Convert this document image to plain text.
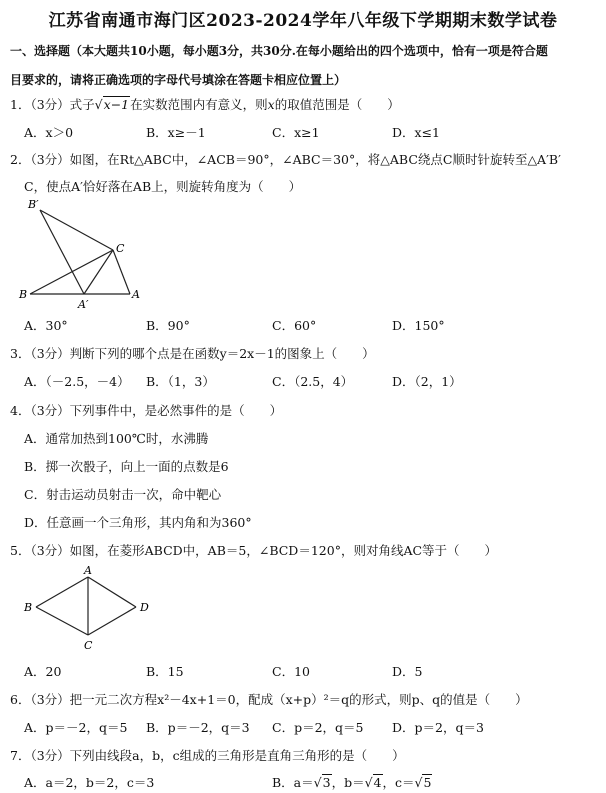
江苏省南通市海门区2023-2024学年八年级下学期期末数学试卷
一、选择题（本大题共10小题，每小题3分，共30分.在每小题给出的四个选项中，恰有一项是符合题
目要求的，请将正确选项的字母代号填涂在答题卡相应位置上）
1．（3分）式子√x−1在实数范围内有意义，则x的取值范围是（　　）
A．x＞0	B．x≥－1	C．x≥1	D．x≤1
2．（3分）如图，在Rt△ABC中，∠ACB＝90°，∠ABC＝30°，将△ABC绕点C顺时针旋转至△A′B′
C，使点A′恰好落在AB上，则旋转角度为（　　）
B′
C
B
A′
A
A．30°	B．90°	C．60°	D．150°
3．（3分）判断下列的哪个点是在函数y＝2x－1的图象上（　　）
A．（－2.5，－4） B．（1，3）	C．（2.5，4）	D．（2，1）
4．（3分）下列事件中，是必然事件的是（　　）
A．通常加热到100℃时，水沸腾
B．掷一次骰子，向上一面的点数是6
C．射击运动员射击一次，命中靶心
D．任意画一个三角形，其内角和为360°
5．（3分）如图，在菱形ABCD中，AB＝5，∠BCD＝120°，则对角线AC等于（　　）
A
B	D
C
A．20	B．15	C．10	D．5
6．（3分）把一元二次方程x²－4x+1＝0，配成（x+p）²＝q的形式，则p、q的值是（　　）
A．p＝－2，q＝5 B．p＝－2，q＝3 C．p＝2，q＝5 D．p＝2，q＝3
7．（3分）下列由线段a，b，c组成的三角形是直角三角形的是（　　）
A．a＝2，b＝2，c＝3	B．a＝√3，b＝√4，c＝√5
